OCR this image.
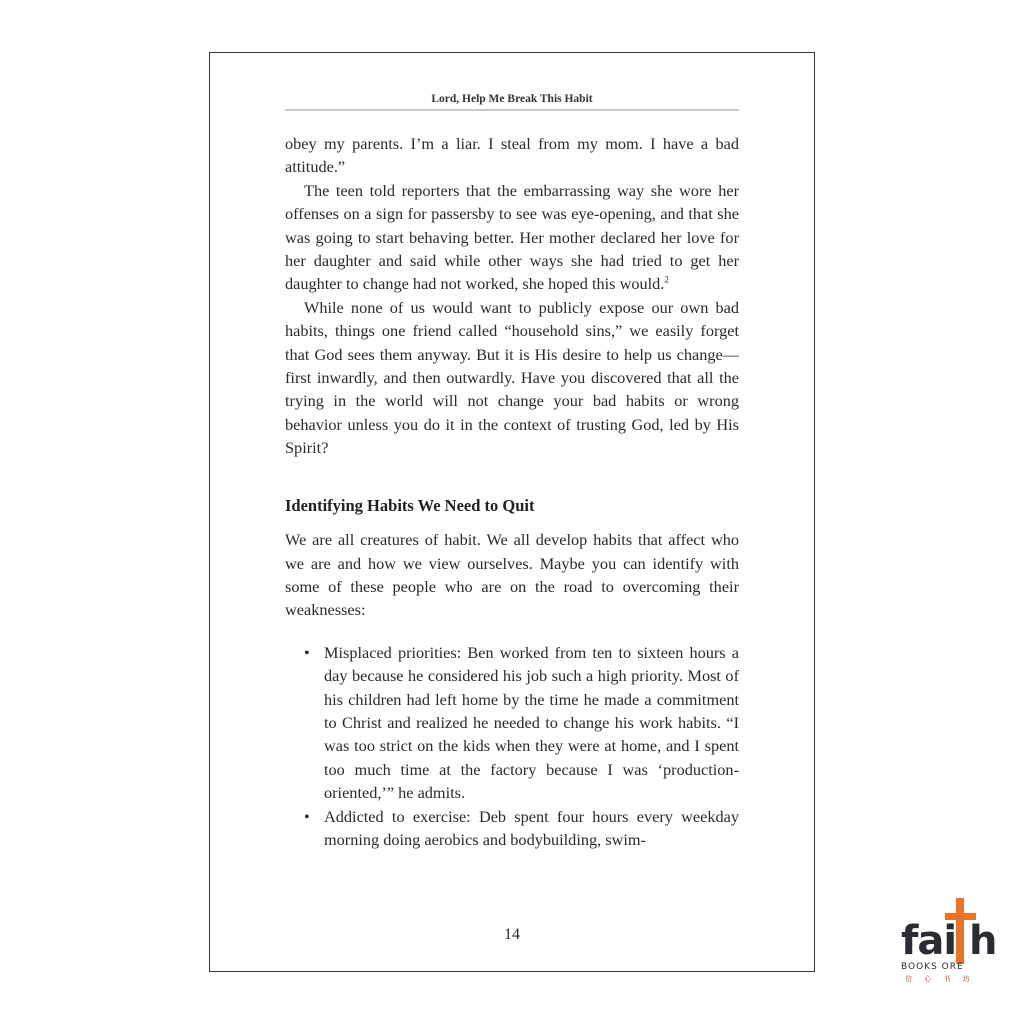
Lord, Help Me Break This Habit

obey my parents. I’m a liar. I steal from my mom. I have a bad attitude.”

The teen told reporters that the embarrassing way she wore her offenses on a sign for passersby to see was eye-opening, and that she was going to start behaving better. Her mother declared her love for her daughter and said while other ways she had tried to get her daughter to change had not worked, she hoped this would.$^2$

While none of us would want to publicly expose our own bad habits, things one friend called “household sins,” we easily forget that God sees them anyway. But it is His desire to help us change—first inwardly, and then outwardly. Have you discovered that all the trying in the world will not change your bad habits or wrong behavior unless you do it in the context of trusting God, led by His Spirit?

Identifying Habits We Need to Quit

We are all creatures of habit. We all develop habits that affect who we are and how we view ourselves. Maybe you can identify with some of these people who are on the road to overcoming their weaknesses:

• Misplaced priorities: Ben worked from ten to sixteen hours a day because he considered his job such a high priority. Most of his children had left home by the time he made a commitment to Christ and realized he needed to change his work habits. “I was too strict on the kids when they were at home, and I spent too much time at the factory because I was ‘production-oriented,’” he admits.
• Addicted to exercise: Deb spent four hours every weekday morning doing aerobics and bodybuilding, swim-
14	fai h
BOOKS ORE
信 心 书 坊
